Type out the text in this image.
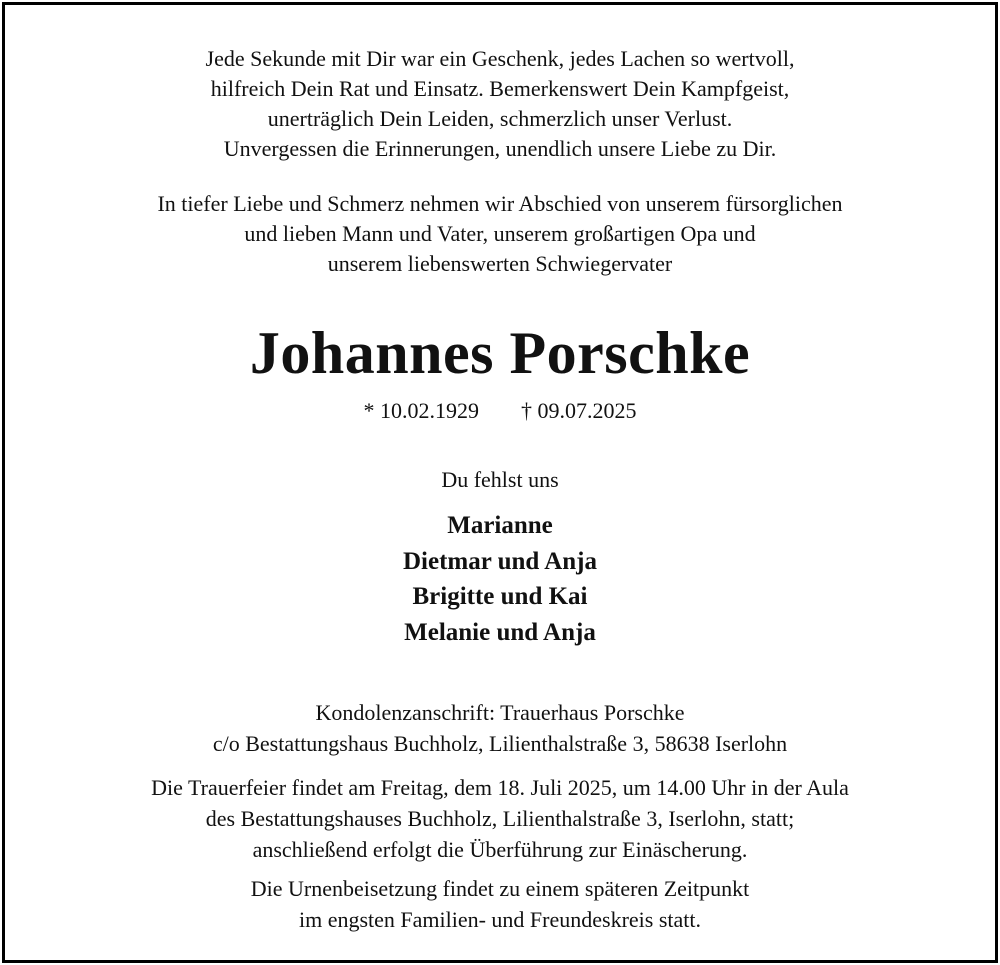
Jede Sekunde mit Dir war ein Geschenk, jedes Lachen so wertvoll,
hilfreich Dein Rat und Einsatz. Bemerkenswert Dein Kampfgeist,
unerträglich Dein Leiden, schmerzlich unser Verlust.
Unvergessen die Erinnerungen, unendlich unsere Liebe zu Dir.
In tiefer Liebe und Schmerz nehmen wir Abschied von unserem fürsorglichen
und lieben Mann und Vater, unserem großartigen Opa und
unserem liebenswerten Schwiegervater
Johannes Porschke
* 10.02.1929 † 09.07.2025
Du fehlst uns
Marianne
Dietmar und Anja
Brigitte und Kai
Melanie und Anja
Kondolenzanschrift: Trauerhaus Porschke
c/o Bestattungshaus Buchholz, Lilienthalstraße 3, 58638 Iserlohn
Die Trauerfeier findet am Freitag, dem 18. Juli 2025, um 14.00 Uhr in der Aula
des Bestattungshauses Buchholz, Lilienthalstraße 3, Iserlohn, statt;
anschließend erfolgt die Überführung zur Einäscherung.
Die Urnenbeisetzung findet zu einem späteren Zeitpunkt
im engsten Familien- und Freundeskreis statt.
